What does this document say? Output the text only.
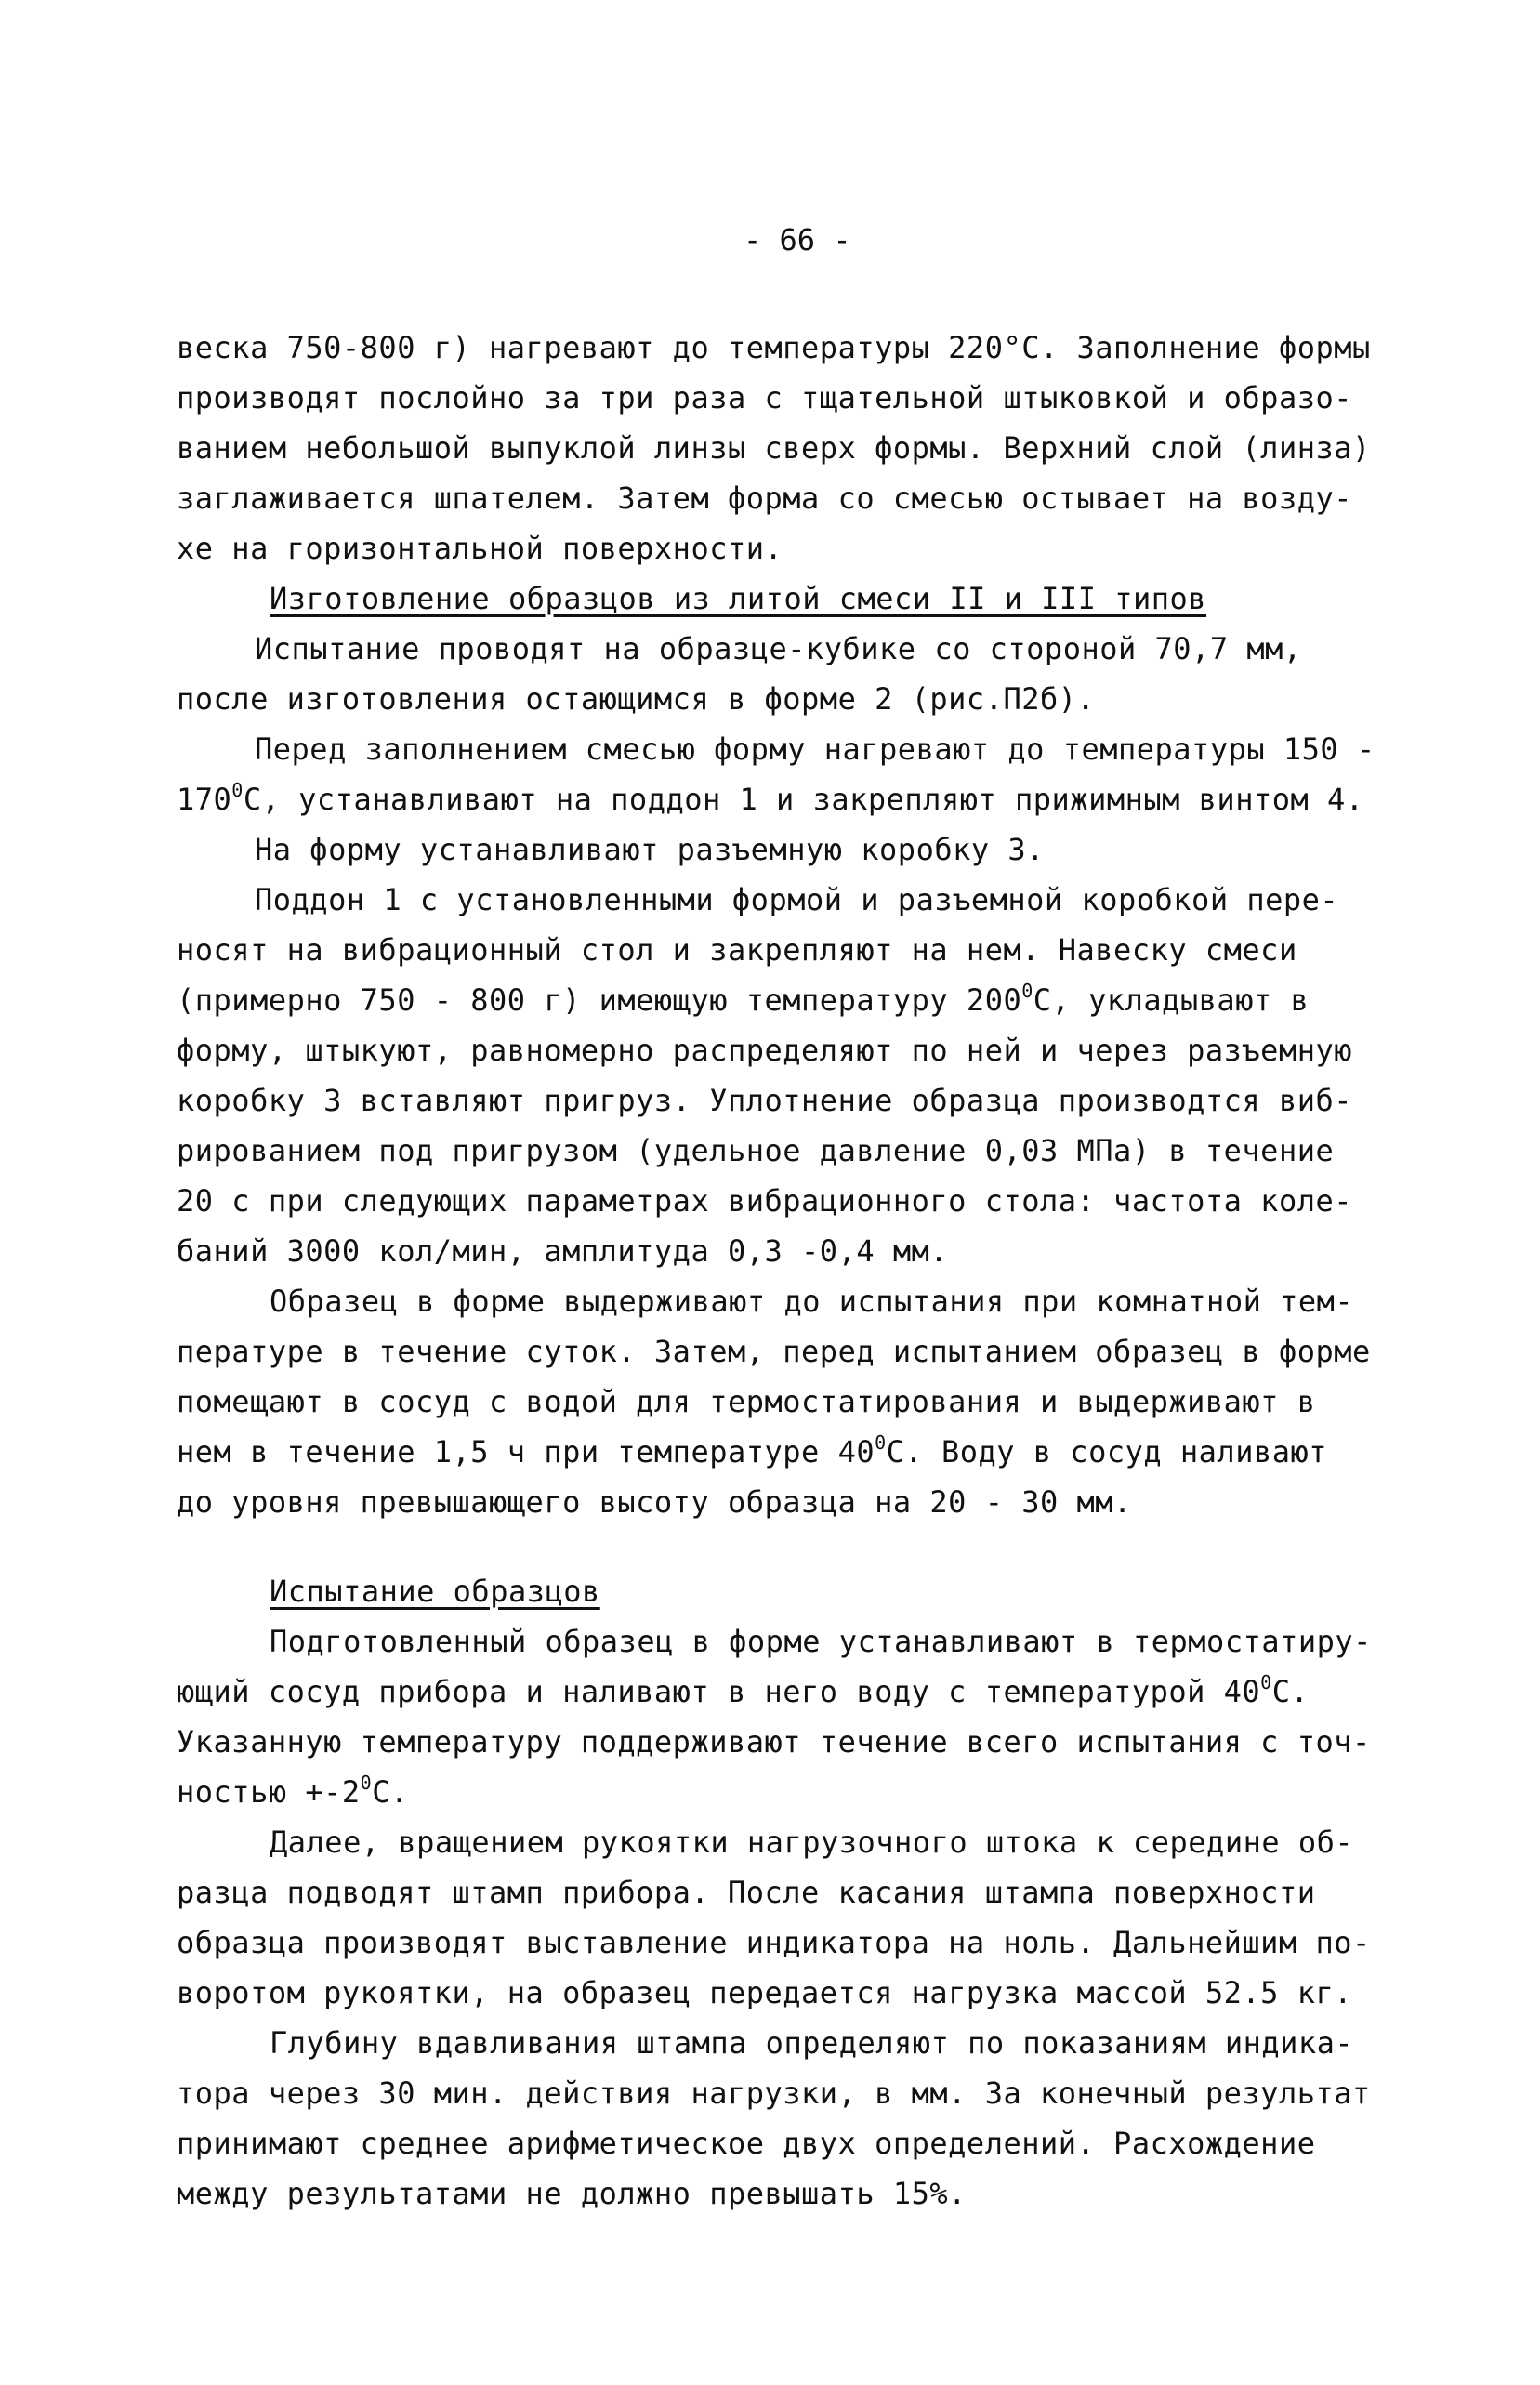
- 66 -
веска 750-800 г) нагревают до температуры 220°С. Заполнение формы
производят послойно за три раза с тщательной штыковкой и образо-
ванием небольшой выпуклой линзы сверх формы. Верхний слой (линза)
заглаживается шпателем. Затем форма со смесью остывает на возду-
хе на горизонтальной поверхности.
Изготовление образцов из литой смеси II и III типов
Испытание проводят на образце-кубике со стороной 70,7 мм,
после изготовления остающимся в форме 2 (рис.П2б).
Перед заполнением смесью форму нагревают до температуры 150 -
$170^0С$, устанавливают на поддон 1 и закрепляют прижимным винтом 4.
На форму устанавливают разъемную коробку 3.
Поддон 1 с установленными формой и разъемной коробкой пере-
носят на вибрационный стол и закрепляют на нем. Навеску смеси
(примерно 750 - 800 г) имеющую температуру $200^0С$, укладывают в
форму, штыкуют, равномерно распределяют по ней и через разъемную
коробку 3 вставляют пригруз. Уплотнение образца производтся виб-
рированием под пригрузом (удельное давление 0,03 МПа) в течение
20 с при следующих параметрах вибрационного стола: частота коле-
баний 3000 кол/мин, амплитуда 0,3 -0,4 мм.
Образец в форме выдерживают до испытания при комнатной тем-
пературе в течение суток. Затем, перед испытанием образец в форме
помещают в сосуд с водой для термостатирования и выдерживают в
нем в течение 1,5 ч при температуре $40^0С$. Воду в сосуд наливают
до уровня превышающего высоту образца на 20 - 30 мм.
Испытание образцов
Подготовленный образец в форме устанавливают в термостатиру-
ющий сосуд прибора и наливают в него воду с температурой $40^0С$.
Указанную температуру поддерживают течение всего испытания с точ-
ностью $+-2^0С$.
Далее, вращением рукоятки нагрузочного штока к середине об-
разца подводят штамп прибора. После касания штампа поверхности
образца производят выставление индикатора на ноль. Дальнейшим по-
воротом рукоятки, на образец передается нагрузка массой 52.5 кг.
Глубину вдавливания штампа определяют по показаниям индика-
тора через 30 мин. действия нагрузки, в мм. За конечный результат
принимают среднее арифметическое двух определений. Расхождение
между результатами не должно превышать 15%.
